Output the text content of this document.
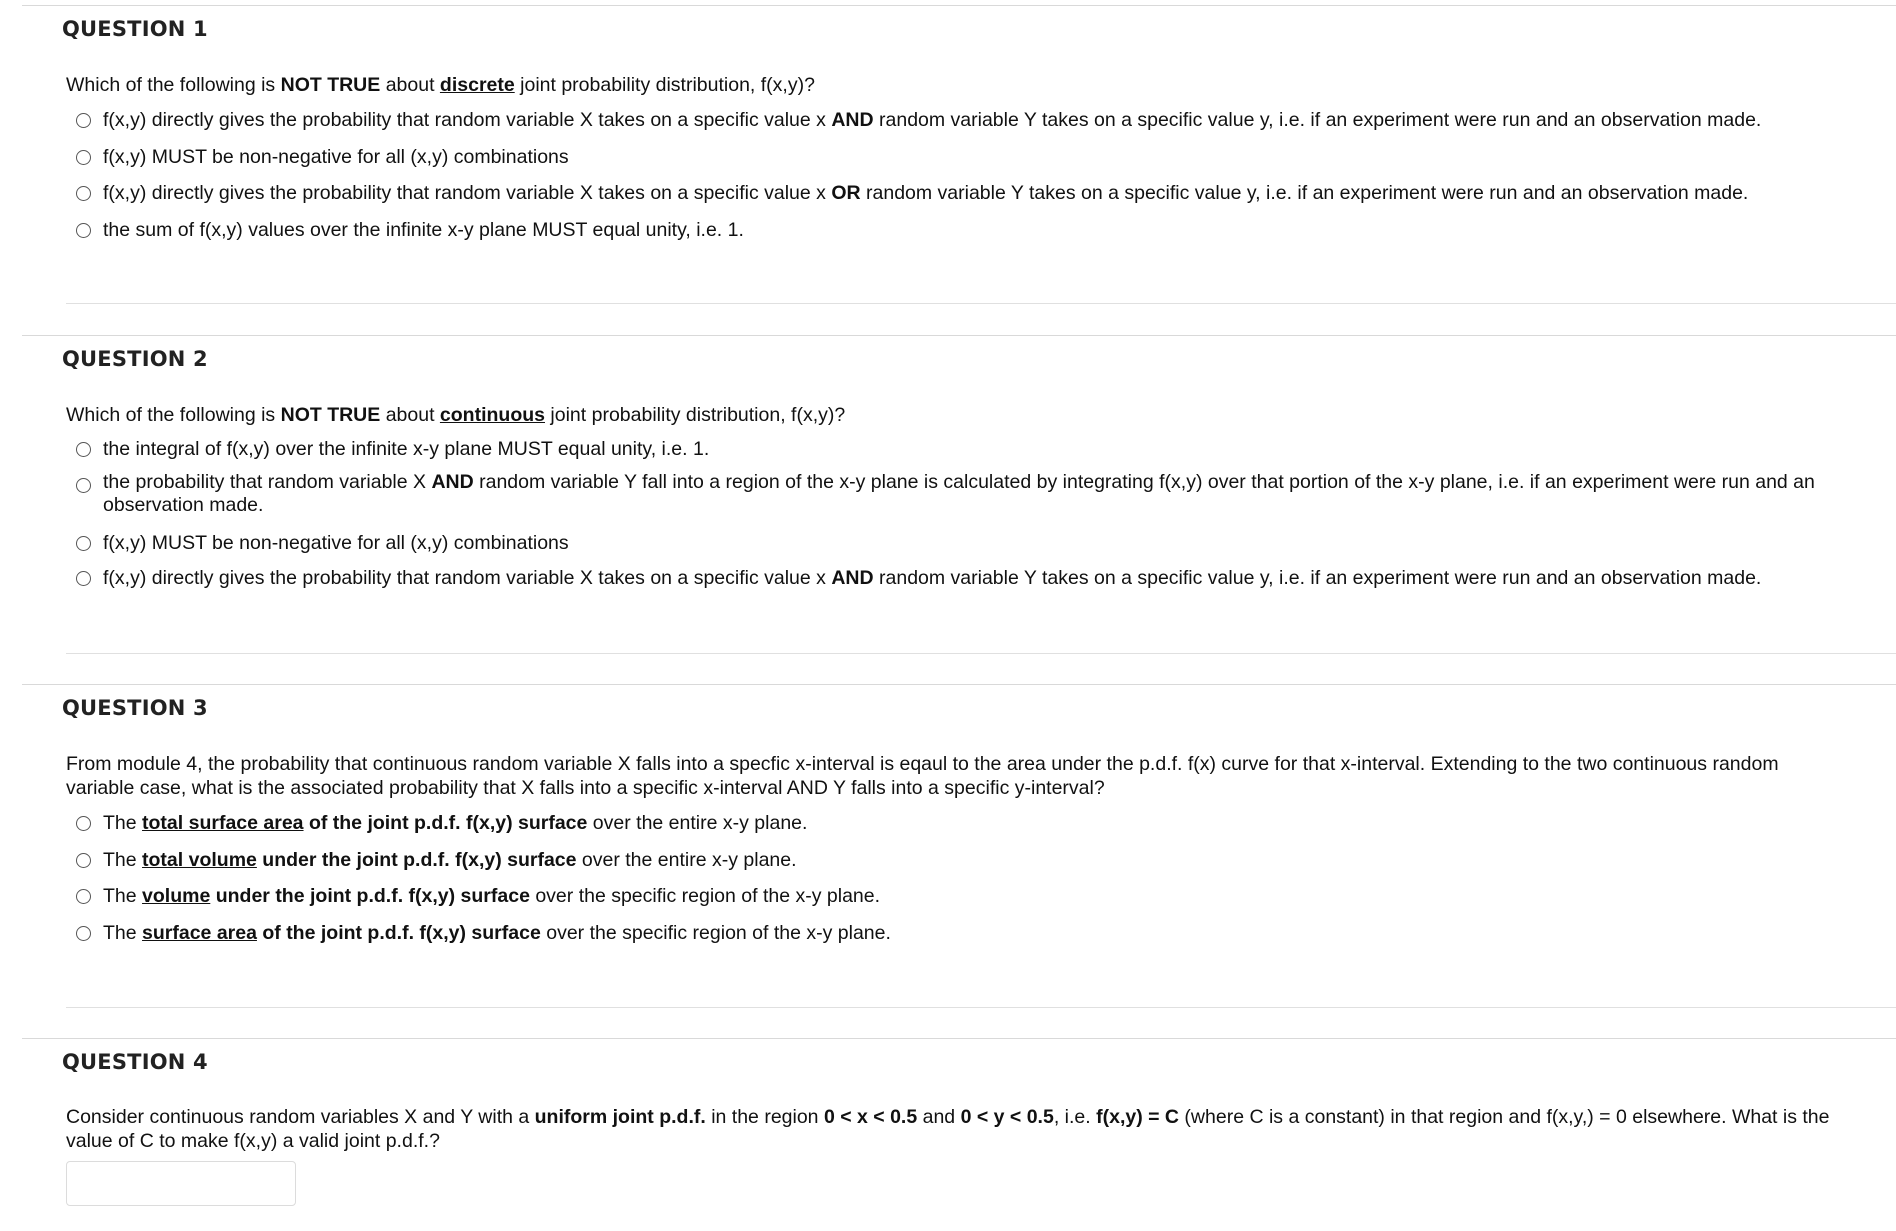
QUESTION 1
Which of the following is NOT TRUE about discrete joint probability distribution, f(x,y)?
f(x,y) directly gives the probability that random variable X takes on a specific value x AND random variable Y takes on a specific value y, i.e. if an experiment were run and an observation made.
f(x,y) MUST be non-negative for all (x,y) combinations
f(x,y) directly gives the probability that random variable X takes on a specific value x OR random variable Y takes on a specific value y, i.e. if an experiment were run and an observation made.
the sum of f(x,y) values over the infinite x-y plane MUST equal unity, i.e. 1.
QUESTION 2
Which of the following is NOT TRUE about continuous joint probability distribution, f(x,y)?
the integral of f(x,y) over the infinite x-y plane MUST equal unity, i.e. 1.
the probability that random variable X AND random variable Y fall into a region of the x-y plane is calculated by integrating f(x,y) over that portion of the x-y plane, i.e. if an experiment were run and an observation made.
f(x,y) MUST be non-negative for all (x,y) combinations
f(x,y) directly gives the probability that random variable X takes on a specific value x AND random variable Y takes on a specific value y, i.e. if an experiment were run and an observation made.
QUESTION 3
From module 4, the probability that continuous random variable X falls into a specfic x-interval is eqaul to the area under the p.d.f. f(x) curve for that x-interval. Extending to the two continuous random variable case, what is the associated probability that X falls into a specific x-interval AND Y falls into a specific y-interval?
The total surface area of the joint p.d.f. f(x,y) surface over the entire x-y plane.
The total volume under the joint p.d.f. f(x,y) surface over the entire x-y plane.
The volume under the joint p.d.f. f(x,y) surface over the specific region of the x-y plane.
The surface area of the joint p.d.f. f(x,y) surface over the specific region of the x-y plane.
QUESTION 4
Consider continuous random variables X and Y with a uniform joint p.d.f. in the region 0 < x < 0.5 and 0 < y < 0.5, i.e. f(x,y) = C (where C is a constant) in that region and f(x,y,) = 0 elsewhere. What is the value of C to make f(x,y) a valid joint p.d.f.?
